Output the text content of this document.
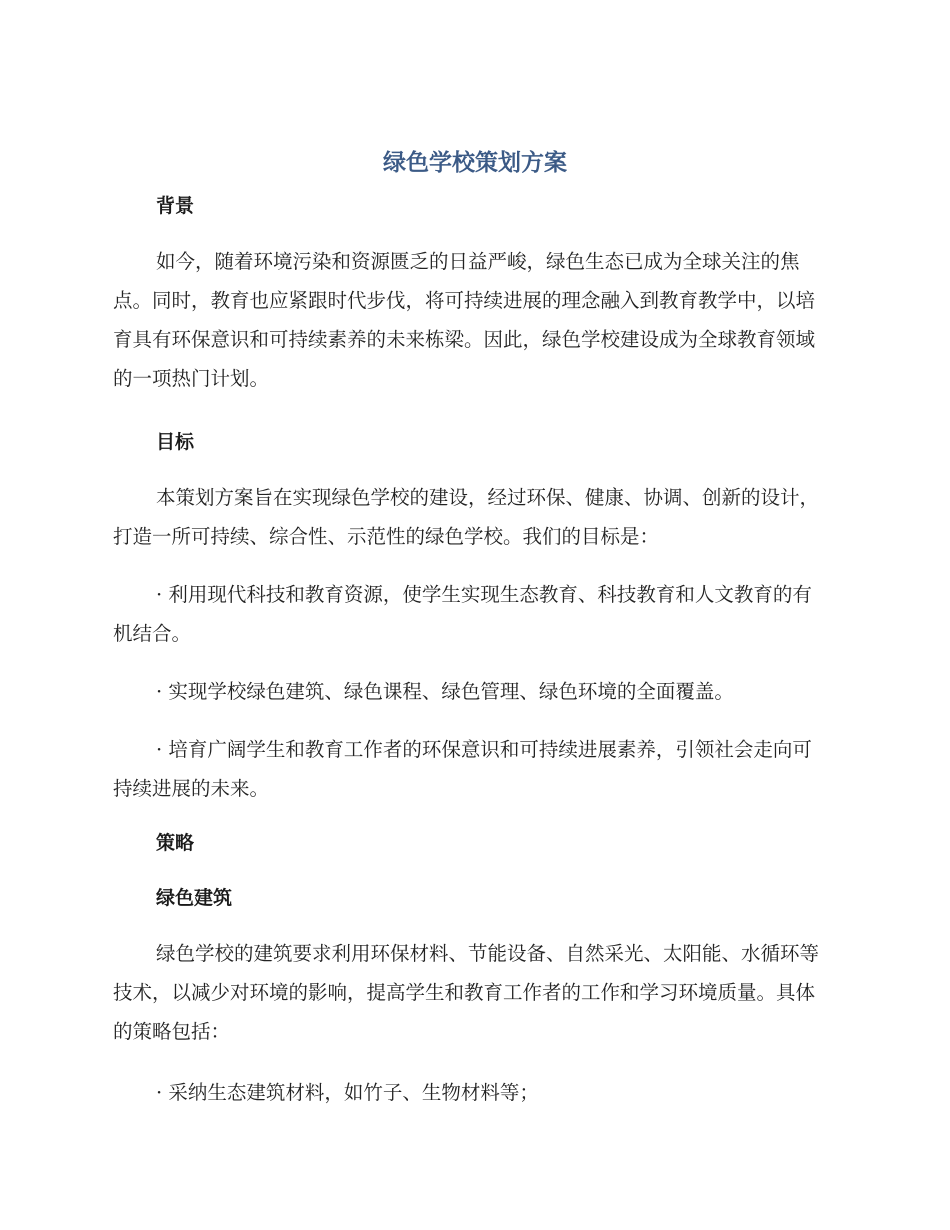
绿色学校策划方案
背景

如今，随着环境污染和资源匮乏的日益严峻，绿色生态已成为全球关注的焦点。同时，教育也应紧跟时代步伐，将可持续进展的理念融入到教育教学中，以培育具有环保意识和可持续素养的未来栋梁。因此，绿色学校建设成为全球教育领域的一项热门计划。

目标

本策划方案旨在实现绿色学校的建设，经过环保、健康、协调、创新的设计，打造一所可持续、综合性、示范性的绿色学校。我们的目标是：

· 利用现代科技和教育资源，使学生实现生态教育、科技教育和人文教育的有机结合。

· 实现学校绿色建筑、绿色课程、绿色管理、绿色环境的全面覆盖。

· 培育广阔学生和教育工作者的环保意识和可持续进展素养，引领社会走向可持续进展的未来。

策略
绿色建筑

绿色学校的建筑要求利用环保材料、节能设备、自然采光、太阳能、水循环等技术，以减少对环境的影响，提高学生和教育工作者的工作和学习环境质量。具体的策略包括：

· 采纳生态建筑材料，如竹子、生物材料等；
